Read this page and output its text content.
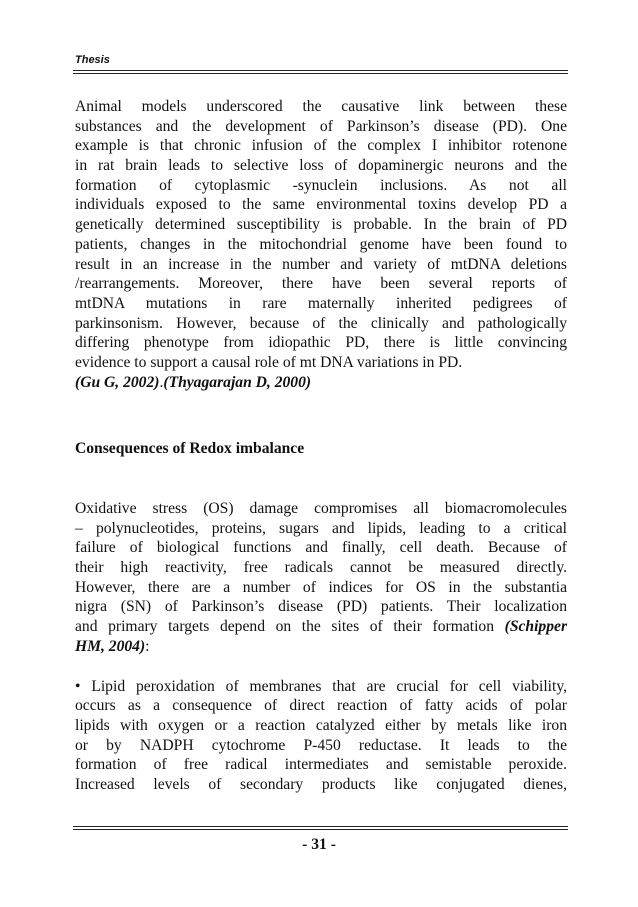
Thesis
Animal models underscored the causative link between these
substances and the development of Parkinson’s disease (PD). One
example is that chronic infusion of the complex I inhibitor rotenone
in rat brain leads to selective loss of dopaminergic neurons and the
formation of cytoplasmic -synuclein inclusions. As not all
individuals exposed to the same environmental toxins develop PD a
genetically determined susceptibility is probable. In the brain of PD
patients, changes in the mitochondrial genome have been found to
result in an increase in the number and variety of mtDNA deletions
/rearrangements. Moreover, there have been several reports of
mtDNA mutations in rare maternally inherited pedigrees of
parkinsonism. However, because of the clinically and pathologically
differing phenotype from idiopathic PD, there is little convincing
evidence to support a causal role of mt DNA variations in PD.
(Gu G, 2002).(Thyagarajan D, 2000)

Consequences of Redox imbalance

Oxidative stress (OS) damage compromises all biomacromolecules
– polynucleotides, proteins, sugars and lipids, leading to a critical
failure of biological functions and finally, cell death. Because of
their high reactivity, free radicals cannot be measured directly.
However, there are a number of indices for OS in the substantia
nigra (SN) of Parkinson’s disease (PD) patients. Their localization
and primary targets depend on the sites of their formation (Schipper
HM, 2004):
• Lipid peroxidation of membranes that are crucial for cell viability,
occurs as a consequence of direct reaction of fatty acids of polar
lipids with oxygen or a reaction catalyzed either by metals like iron
or by NADPH cytochrome P-450 reductase. It leads to the
formation of free radical intermediates and semistable peroxide.
Increased levels of secondary products like conjugated dienes,
- 31 -
